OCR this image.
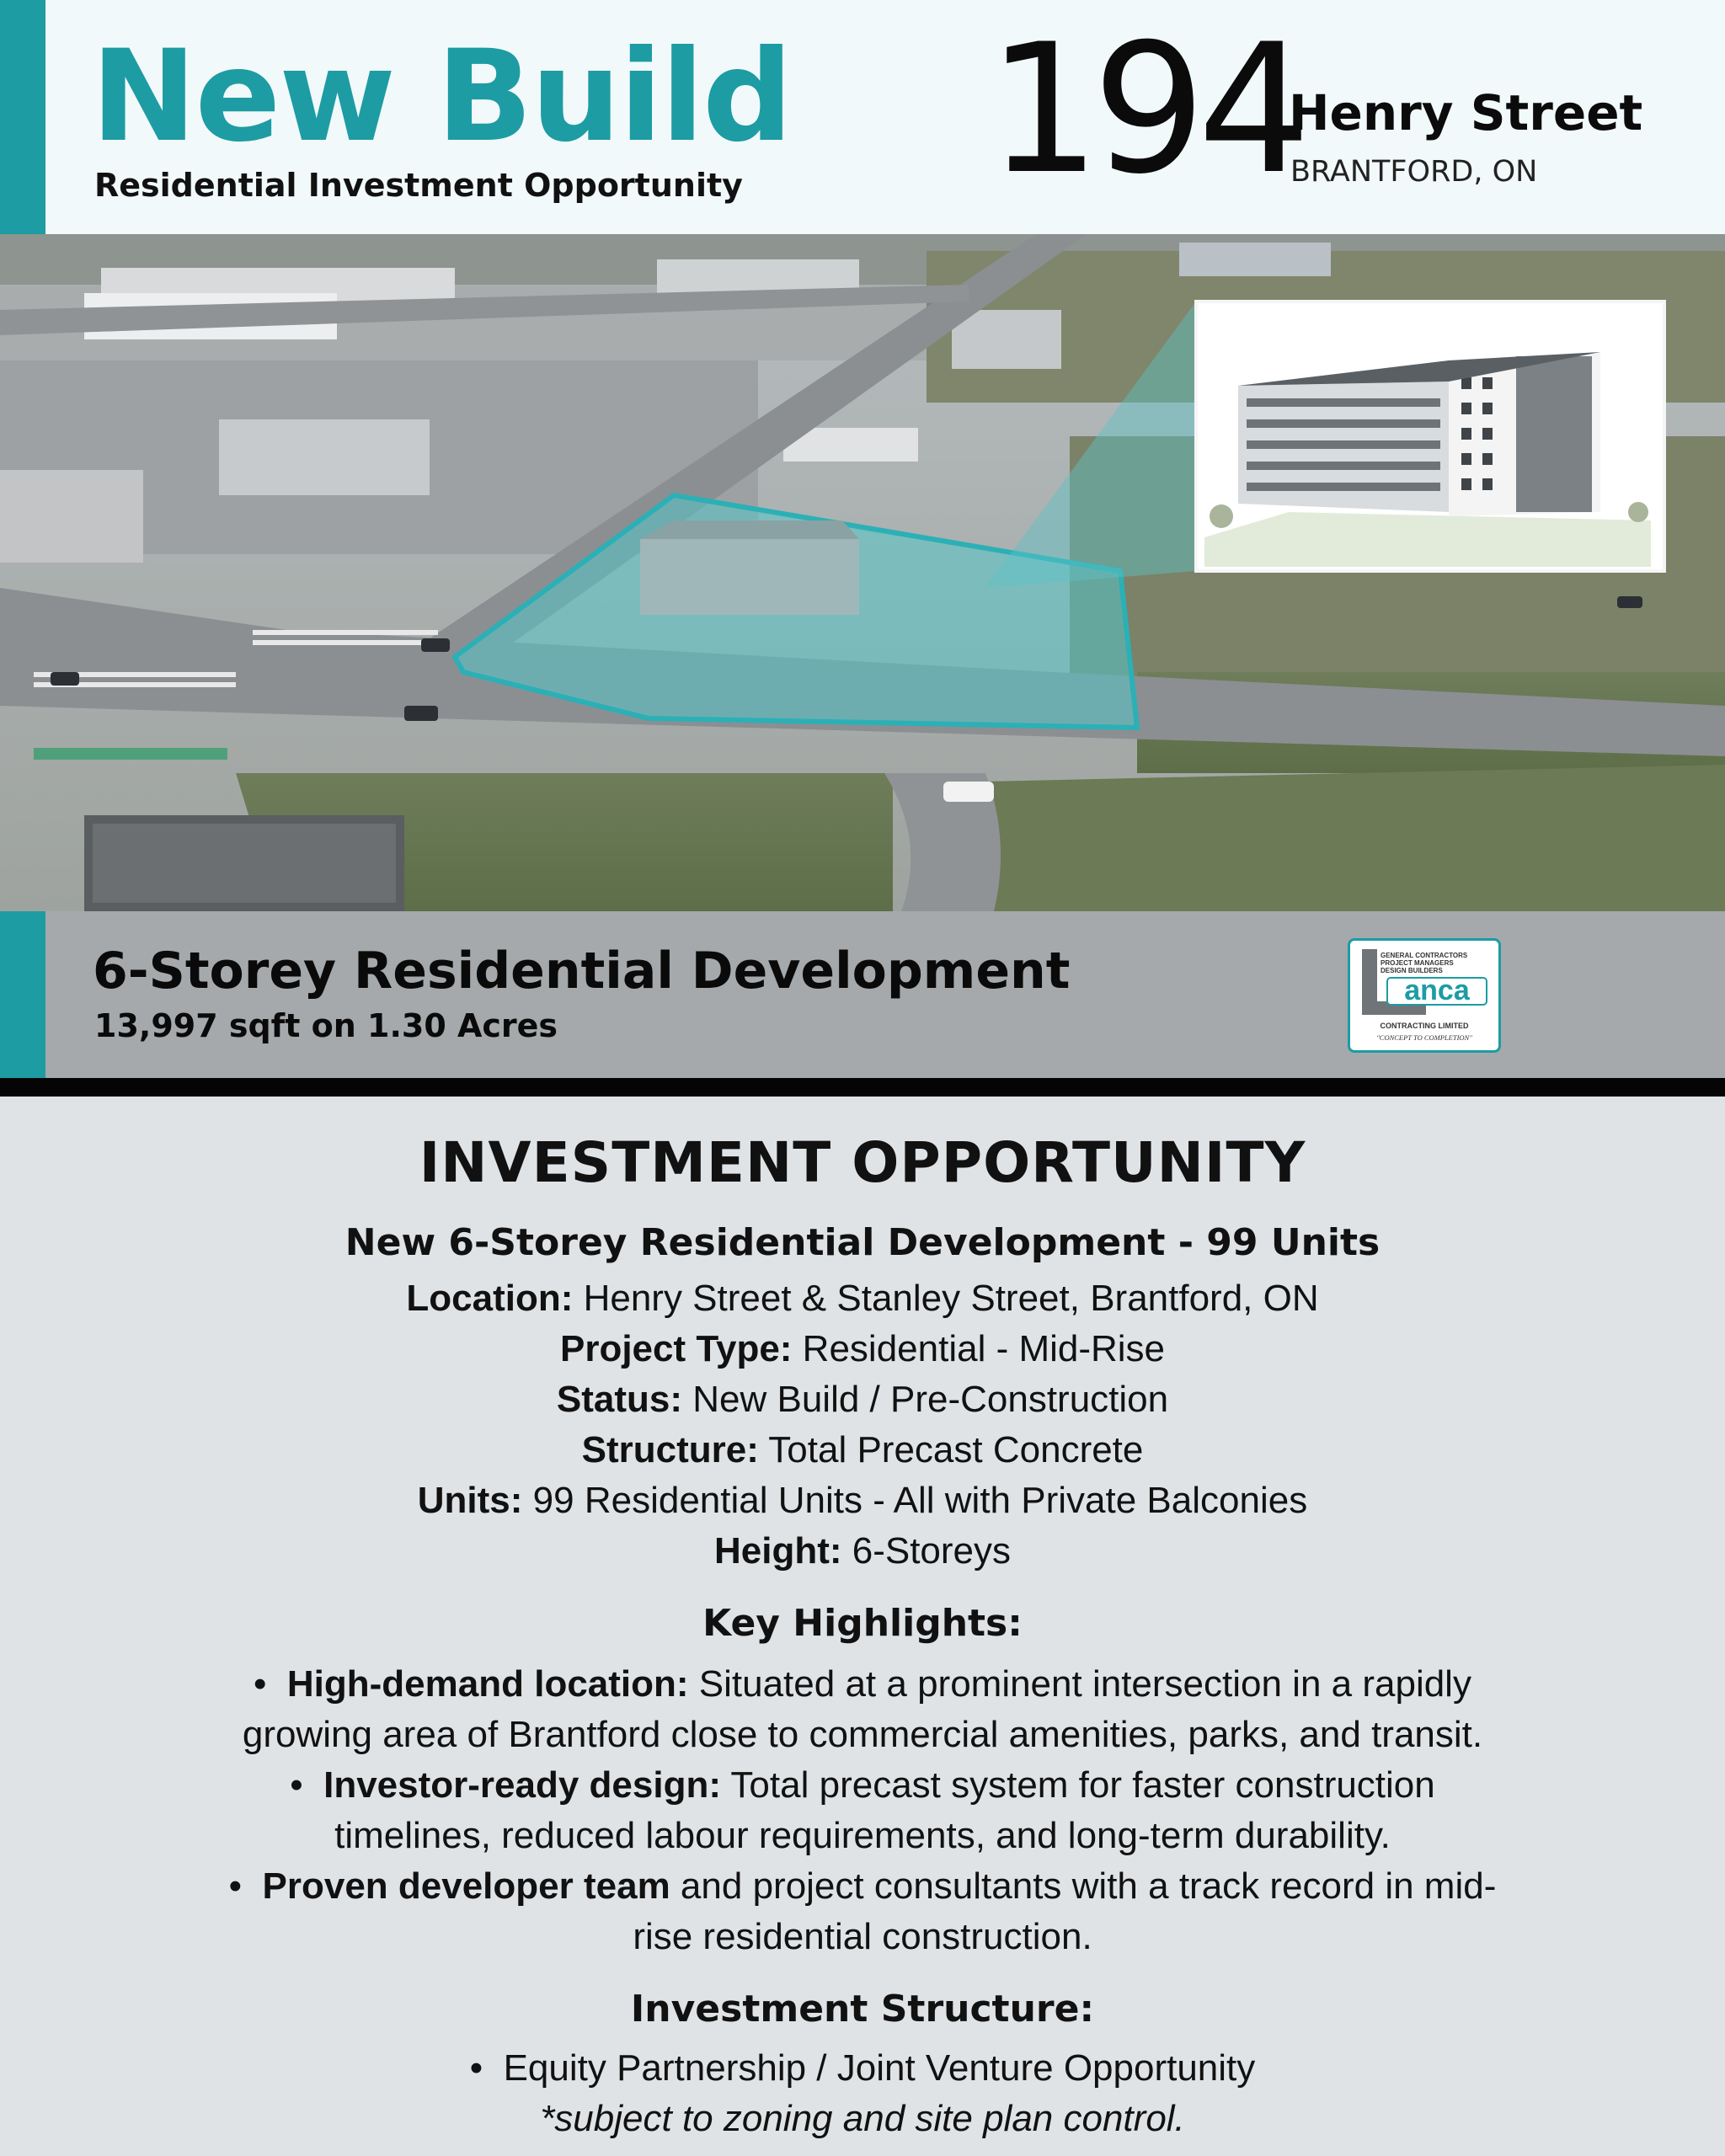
New Build
Residential Investment Opportunity 194
Henry Street
BRANTFORD, ON
6-Storey Residential Development
13,997 sqft on 1.30 Acres
GENERAL CONTRACTORS
PROJECT MANAGERS
DESIGN BUILDERS
anca
CONTRACTING LIMITED
"CONCEPT TO COMPLETION"
INVESTMENT OPPORTUNITY
New 6-Storey Residential Development - 99 Units
Location: Henry Street & Stanley Street, Brantford, ON
Project Type: Residential - Mid-Rise
Status: New Build / Pre-Construction
Structure: Total Precast Concrete
Units: 99 Residential Units - All with Private Balconies
Height: 6-Storeys
Key Highlights:
• High-demand location: Situated at a prominent intersection in a rapidly
growing area of Brantford close to commercial amenities, parks, and transit.
• Investor-ready design: Total precast system for faster construction
timelines, reduced labour requirements, and long-term durability.
• Proven developer team and project consultants with a track record in mid-
rise residential construction.
Investment Structure:
• Equity Partnership / Joint Venture Opportunity
*subject to zoning and site plan control.
